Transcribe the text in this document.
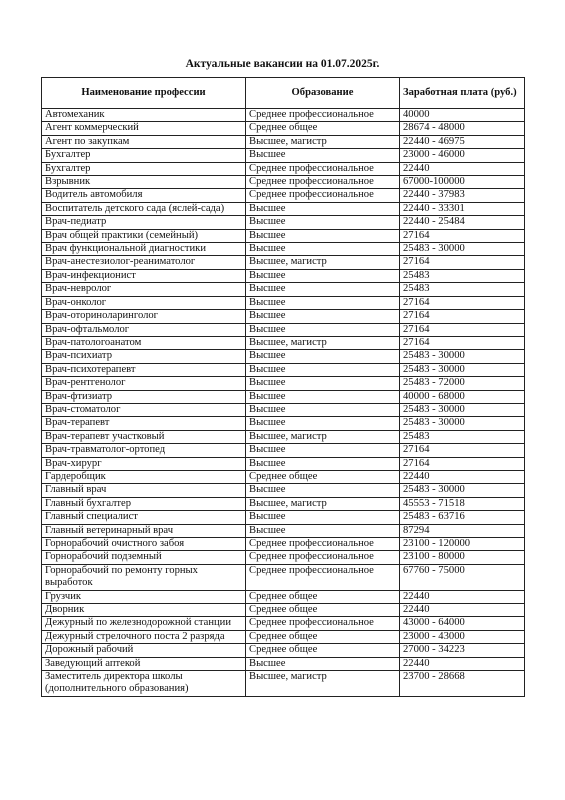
Актуальные вакансии на 01.07.2025г.
Наименование профессии	Образование	Заработная плата (руб.)
Автомеханик	Среднее профессиональное	40000
Агент коммерческий	Среднее общее	28674 - 48000
Агент по закупкам	Высшее, магистр	22440 - 46975
Бухгалтер	Высшее	23000 - 46000
Бухгалтер	Среднее профессиональное	22440
Взрывник	Среднее профессиональное	67000-100000
Водитель автомобиля	Среднее профессиональное	22440 - 37983
Воспитатель детского сада (яслей-сада)	Высшее	22440 - 33301
Врач-педиатр	Высшее	22440 - 25484
Врач общей практики (семейный)	Высшее	27164
Врач функциональной диагностики	Высшее	25483 - 30000
Врач-анестезиолог-реаниматолог	Высшее, магистр	27164
Врач-инфекционист	Высшее	25483
Врач-невролог	Высшее	25483
Врач-онколог	Высшее	27164
Врач-оториноларинголог	Высшее	27164
Врач-офтальмолог	Высшее	27164
Врач-патологоанатом	Высшее, магистр	27164
Врач-психиатр	Высшее	25483 - 30000
Врач-психотерапевт	Высшее	25483 - 30000
Врач-рентгенолог	Высшее	25483 - 72000
Врач-фтизиатр	Высшее	40000 - 68000
Врач-стоматолог	Высшее	25483 - 30000
Врач-терапевт	Высшее	25483 - 30000
Врач-терапевт участковый	Высшее, магистр	25483
Врач-травматолог-ортопед	Высшее	27164
Врач-хирург	Высшее	27164
Гардеробщик	Среднее общее	22440
Главный врач	Высшее	25483 - 30000
Главный бухгалтер	Высшее, магистр	45553 - 71518
Главный специалист	Высшее	25483 - 63716
Главный ветеринарный врач	Высшее	87294
Горнорабочий очистного забоя	Среднее профессиональное	23100 - 120000
Горнорабочий подземный	Среднее профессиональное	23100 - 80000
Горнорабочий по ремонту горных выработок	Среднее профессиональное	67760 - 75000
Грузчик	Среднее общее	22440
Дворник	Среднее общее	22440
Дежурный по железнодорожной станции	Среднее профессиональное	43000 - 64000
Дежурный стрелочного поста 2 разряда	Среднее общее	23000 - 43000
Дорожный рабочий	Среднее общее	27000 - 34223
Заведующий аптекой	Высшее	22440
Заместитель директора школы (дополнительного образования)	Высшее, магистр	23700 - 28668
